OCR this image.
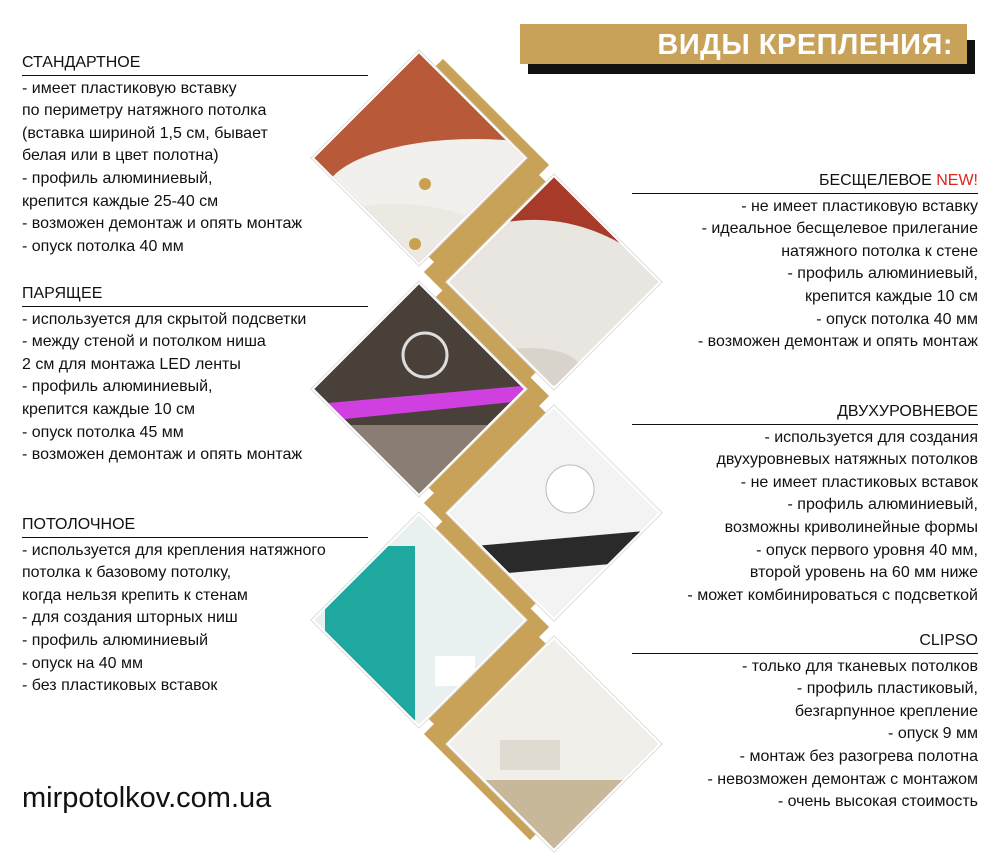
ВИДЫ КРЕПЛЕНИЯ:
СТАНДАРТНОЕ
- имеет пластиковую вставку
по периметру натяжного потолка
(вставка шириной 1,5 см, бывает
белая или в цвет полотна)
- профиль алюминиевый,
крепится каждые 25-40 см
- возможен демонтаж и опять монтаж
- опуск потолка 40 мм
ПАРЯЩЕЕ
- используется для скрытой подсветки
- между стеной и потолком ниша
2 см для монтажа LED ленты
- профиль алюминиевый,
крепится каждые 10 см
- опуск потолка 45 мм
- возможен демонтаж и опять монтаж
ПОТОЛОЧНОЕ
- используется для крепления натяжного
потолка к базовому потолку,
когда нельзя крепить к стенам
- для создания шторных ниш
- профиль алюминиевый
- опуск на 40 мм
- без пластиковых вставок
БЕСЩЕЛЕВОЕ NEW!
- не имеет пластиковую вставку
- идеальное бесщелевое прилегание
натяжного потолка к стене
- профиль алюминиевый,
крепится каждые 10 см
- опуск потолка 40 мм
- возможен демонтаж и опять монтаж
ДВУХУРОВНЕВОЕ
- используется для создания
двухуровневых натяжных потолков
- не имеет пластиковых вставок
- профиль алюминиевый,
возможны криволинейные формы
- опуск первого уровня 40 мм,
второй уровень на 60 мм ниже
- может комбинироваться с подсветкой
CLIPSO
- только для тканевых потолков
- профиль пластиковый,
безгарпунное крепление
- опуск 9 мм
- монтаж без разогрева полотна
- невозможен демонтаж с монтажом
- очень высокая стоимость
mirpotolkov.com.ua
